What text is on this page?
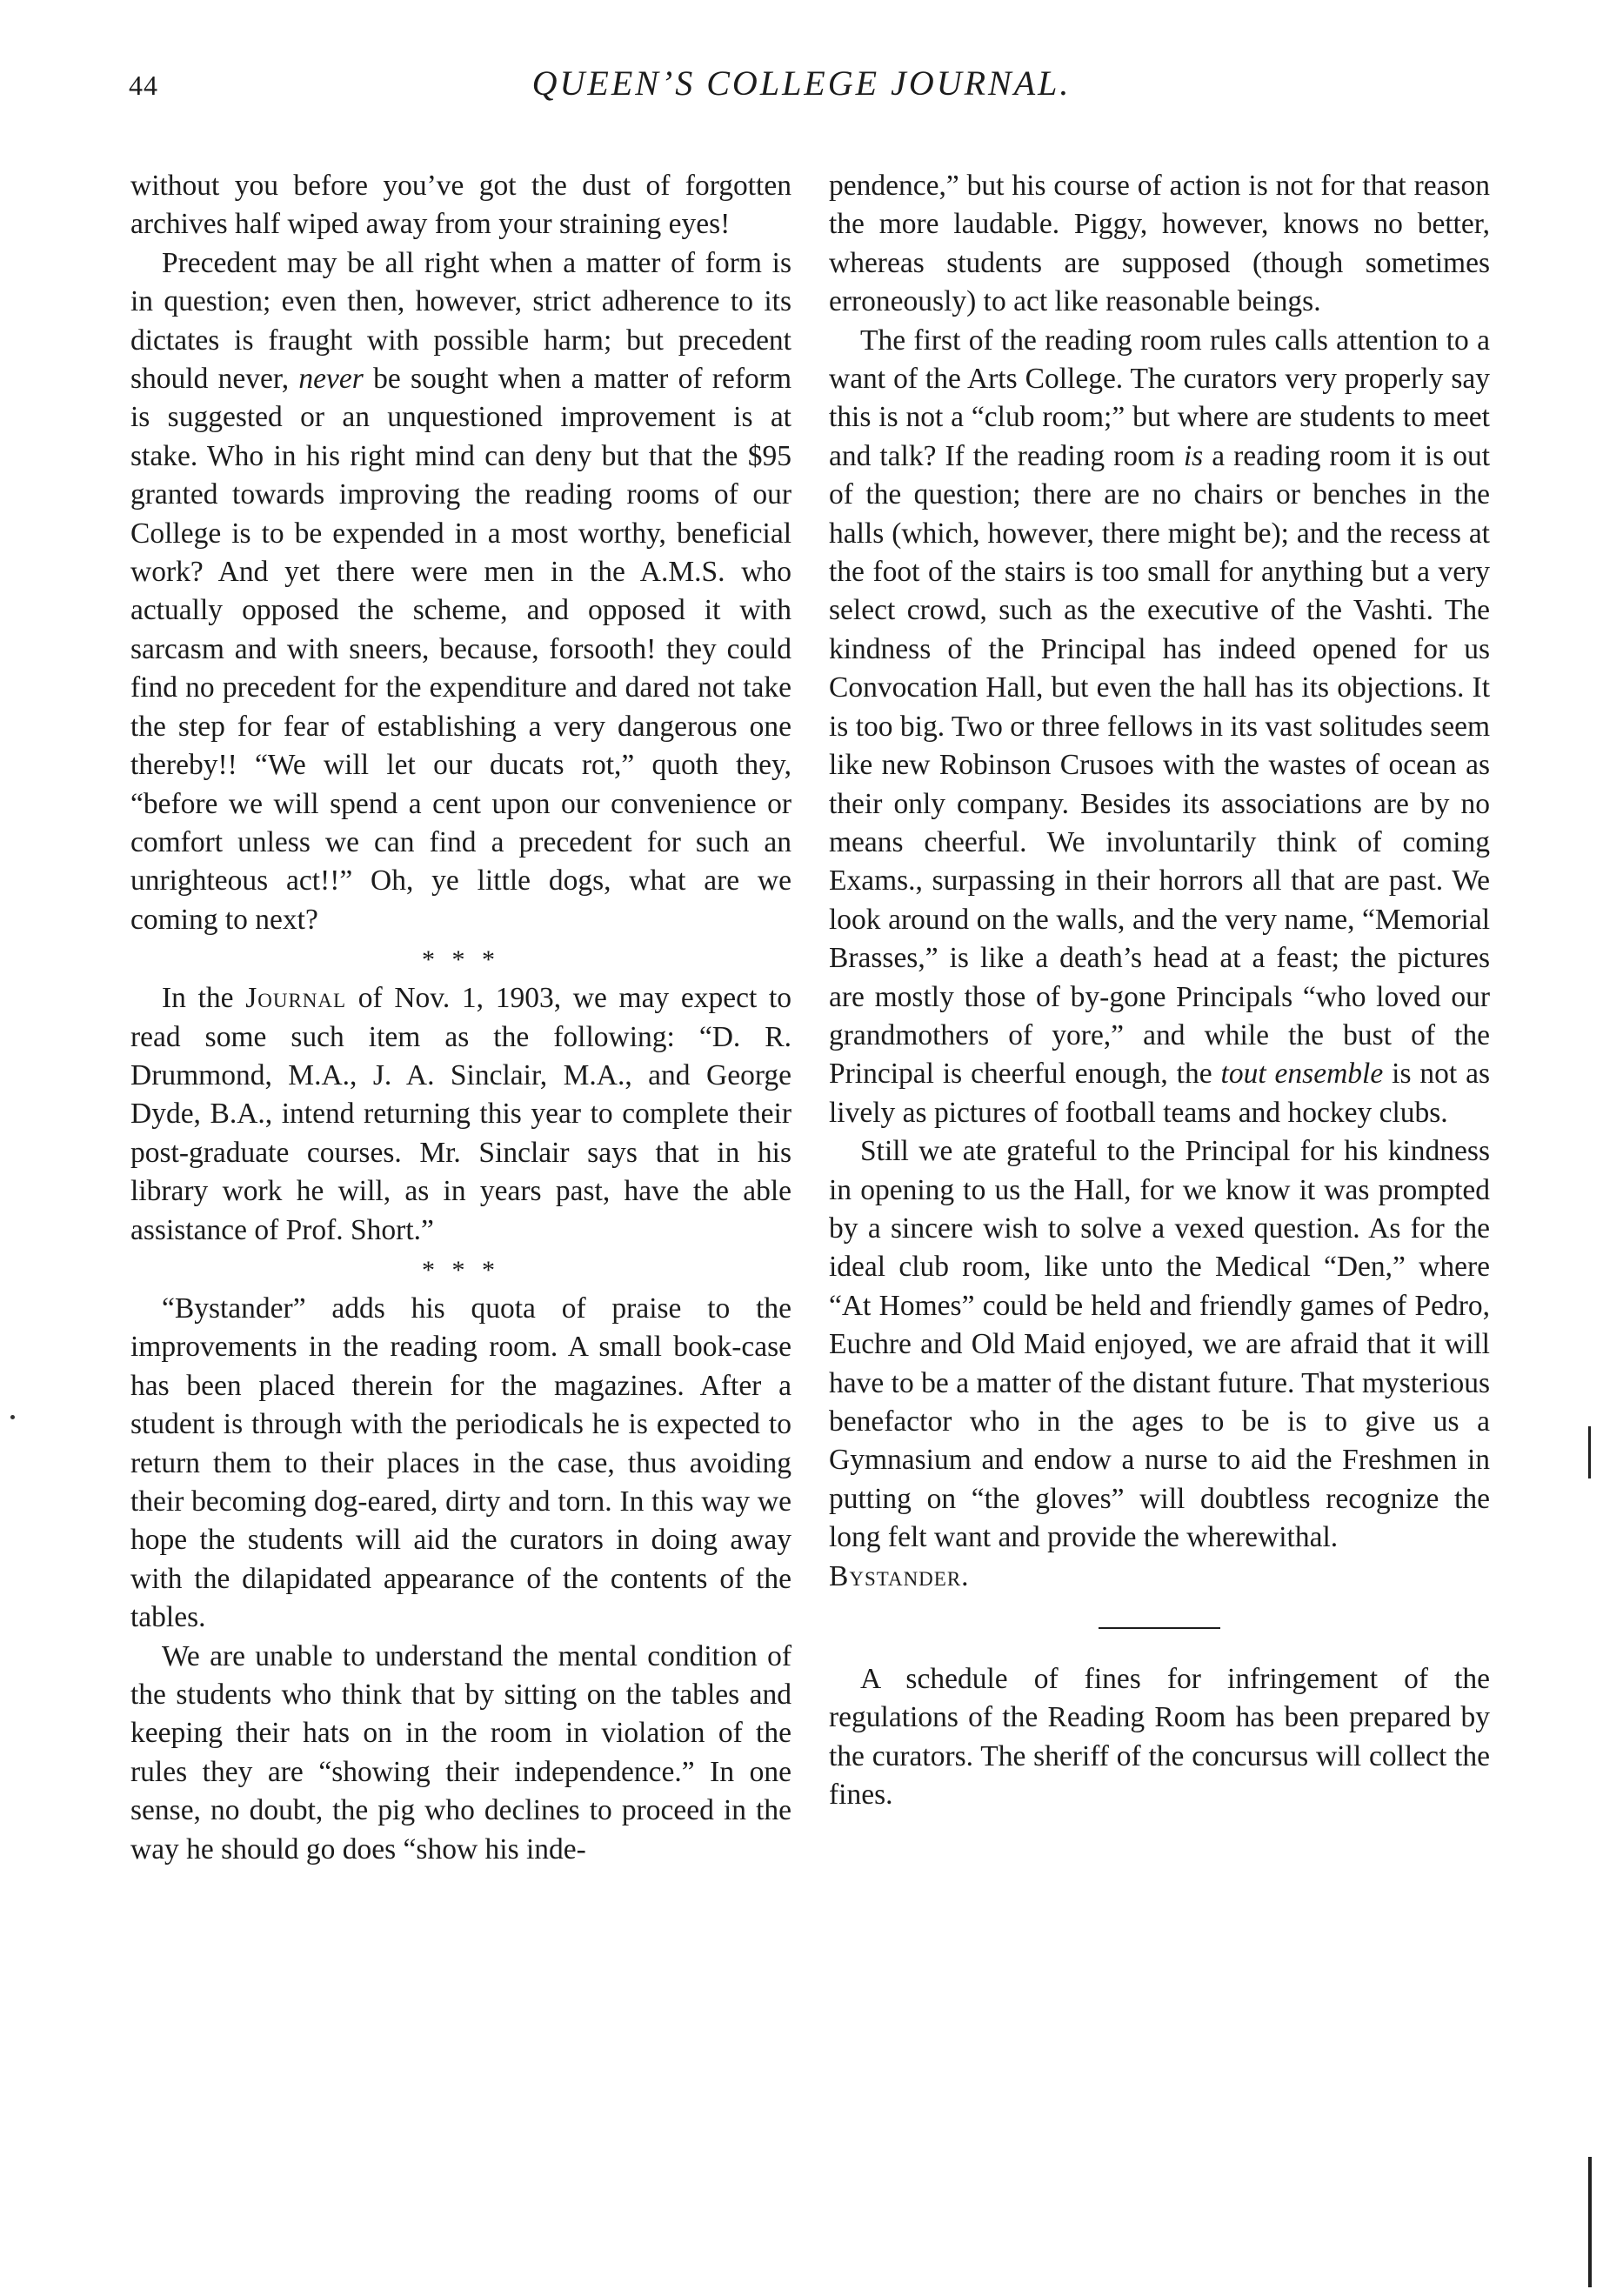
44	QUEEN’S COLLEGE JOURNAL.

without you before you’ve got the dust of forgotten archives half wiped away from your straining eyes!

Precedent may be all right when a matter of form is in question; even then, however, strict adherence to its dictates is fraught with possible harm; but precedent should never, never be sought when a matter of reform is suggested or an unquestioned improvement is at stake. Who in his right mind can deny but that the $95 granted towards improving the reading rooms of our College is to be expended in a most worthy, beneficial work? And yet there were men in the A.M.S. who actually opposed the scheme, and opposed it with sarcasm and with sneers, because, forsooth! they could find no precedent for the expenditure and dared not take the step for fear of establishing a very dangerous one thereby!! “We will let our ducats rot,” quoth they, “before we will spend a cent upon our convenience or comfort unless we can find a precedent for such an unrighteous act!!” Oh, ye little dogs, what are we coming to next?

* * *

In the Journal of Nov. 1, 1903, we may expect to read some such item as the following: “D. R. Drummond, M.A., J. A. Sinclair, M.A., and George Dyde, B.A., intend returning this year to complete their post-graduate courses. Mr. Sinclair says that in his library work he will, as in years past, have the able assistance of Prof. Short.”

* * *

“Bystander” adds his quota of praise to the improvements in the reading room. A small book-case has been placed therein for the magazines. After a student is through with the periodicals he is expected to return them to their places in the case, thus avoiding their becoming dog-eared, dirty and torn. In this way we hope the students will aid the curators in doing away with the dilapidated appearance of the contents of the tables.

We are unable to understand the mental condition of the students who think that by sitting on the tables and keeping their hats on in the room in violation of the rules they are “showing their independence.” In one sense, no doubt, the pig who declines to proceed in the way he should go does “show his inde-

pendence,” but his course of action is not for that reason the more laudable. Piggy, however, knows no better, whereas students are supposed (though sometimes erroneously) to act like reasonable beings.

The first of the reading room rules calls attention to a want of the Arts College. The curators very properly say this is not a “club room;” but where are students to meet and talk? If the reading room is a reading room it is out of the question; there are no chairs or benches in the halls (which, however, there might be); and the recess at the foot of the stairs is too small for anything but a very select crowd, such as the executive of the Vashti. The kindness of the Principal has indeed opened for us Convocation Hall, but even the hall has its objections. It is too big. Two or three fellows in its vast solitudes seem like new Robinson Crusoes with the wastes of ocean as their only company. Besides its associations are by no means cheerful. We involuntarily think of coming Exams., surpassing in their horrors all that are past. We look around on the walls, and the very name, “Memorial Brasses,” is like a death’s head at a feast; the pictures are mostly those of by-gone Principals “who loved our grandmothers of yore,” and while the bust of the Principal is cheerful enough, the tout ensemble is not as lively as pictures of football teams and hockey clubs.

Still we ate grateful to the Principal for his kindness in opening to us the Hall, for we know it was prompted by a sincere wish to solve a vexed question. As for the ideal club room, like unto the Medical “Den,” where “At Homes” could be held and friendly games of Pedro, Euchre and Old Maid enjoyed, we are afraid that it will have to be a matter of the distant future. That mysterious benefactor who in the ages to be is to give us a Gymnasium and endow a nurse to aid the Freshmen in putting on “the gloves” will doubtless recognize the long felt want and provide the wherewithal.

Bystander.

A schedule of fines for infringement of the regulations of the Reading Room has been prepared by the curators. The sheriff of the concursus will collect the fines.
